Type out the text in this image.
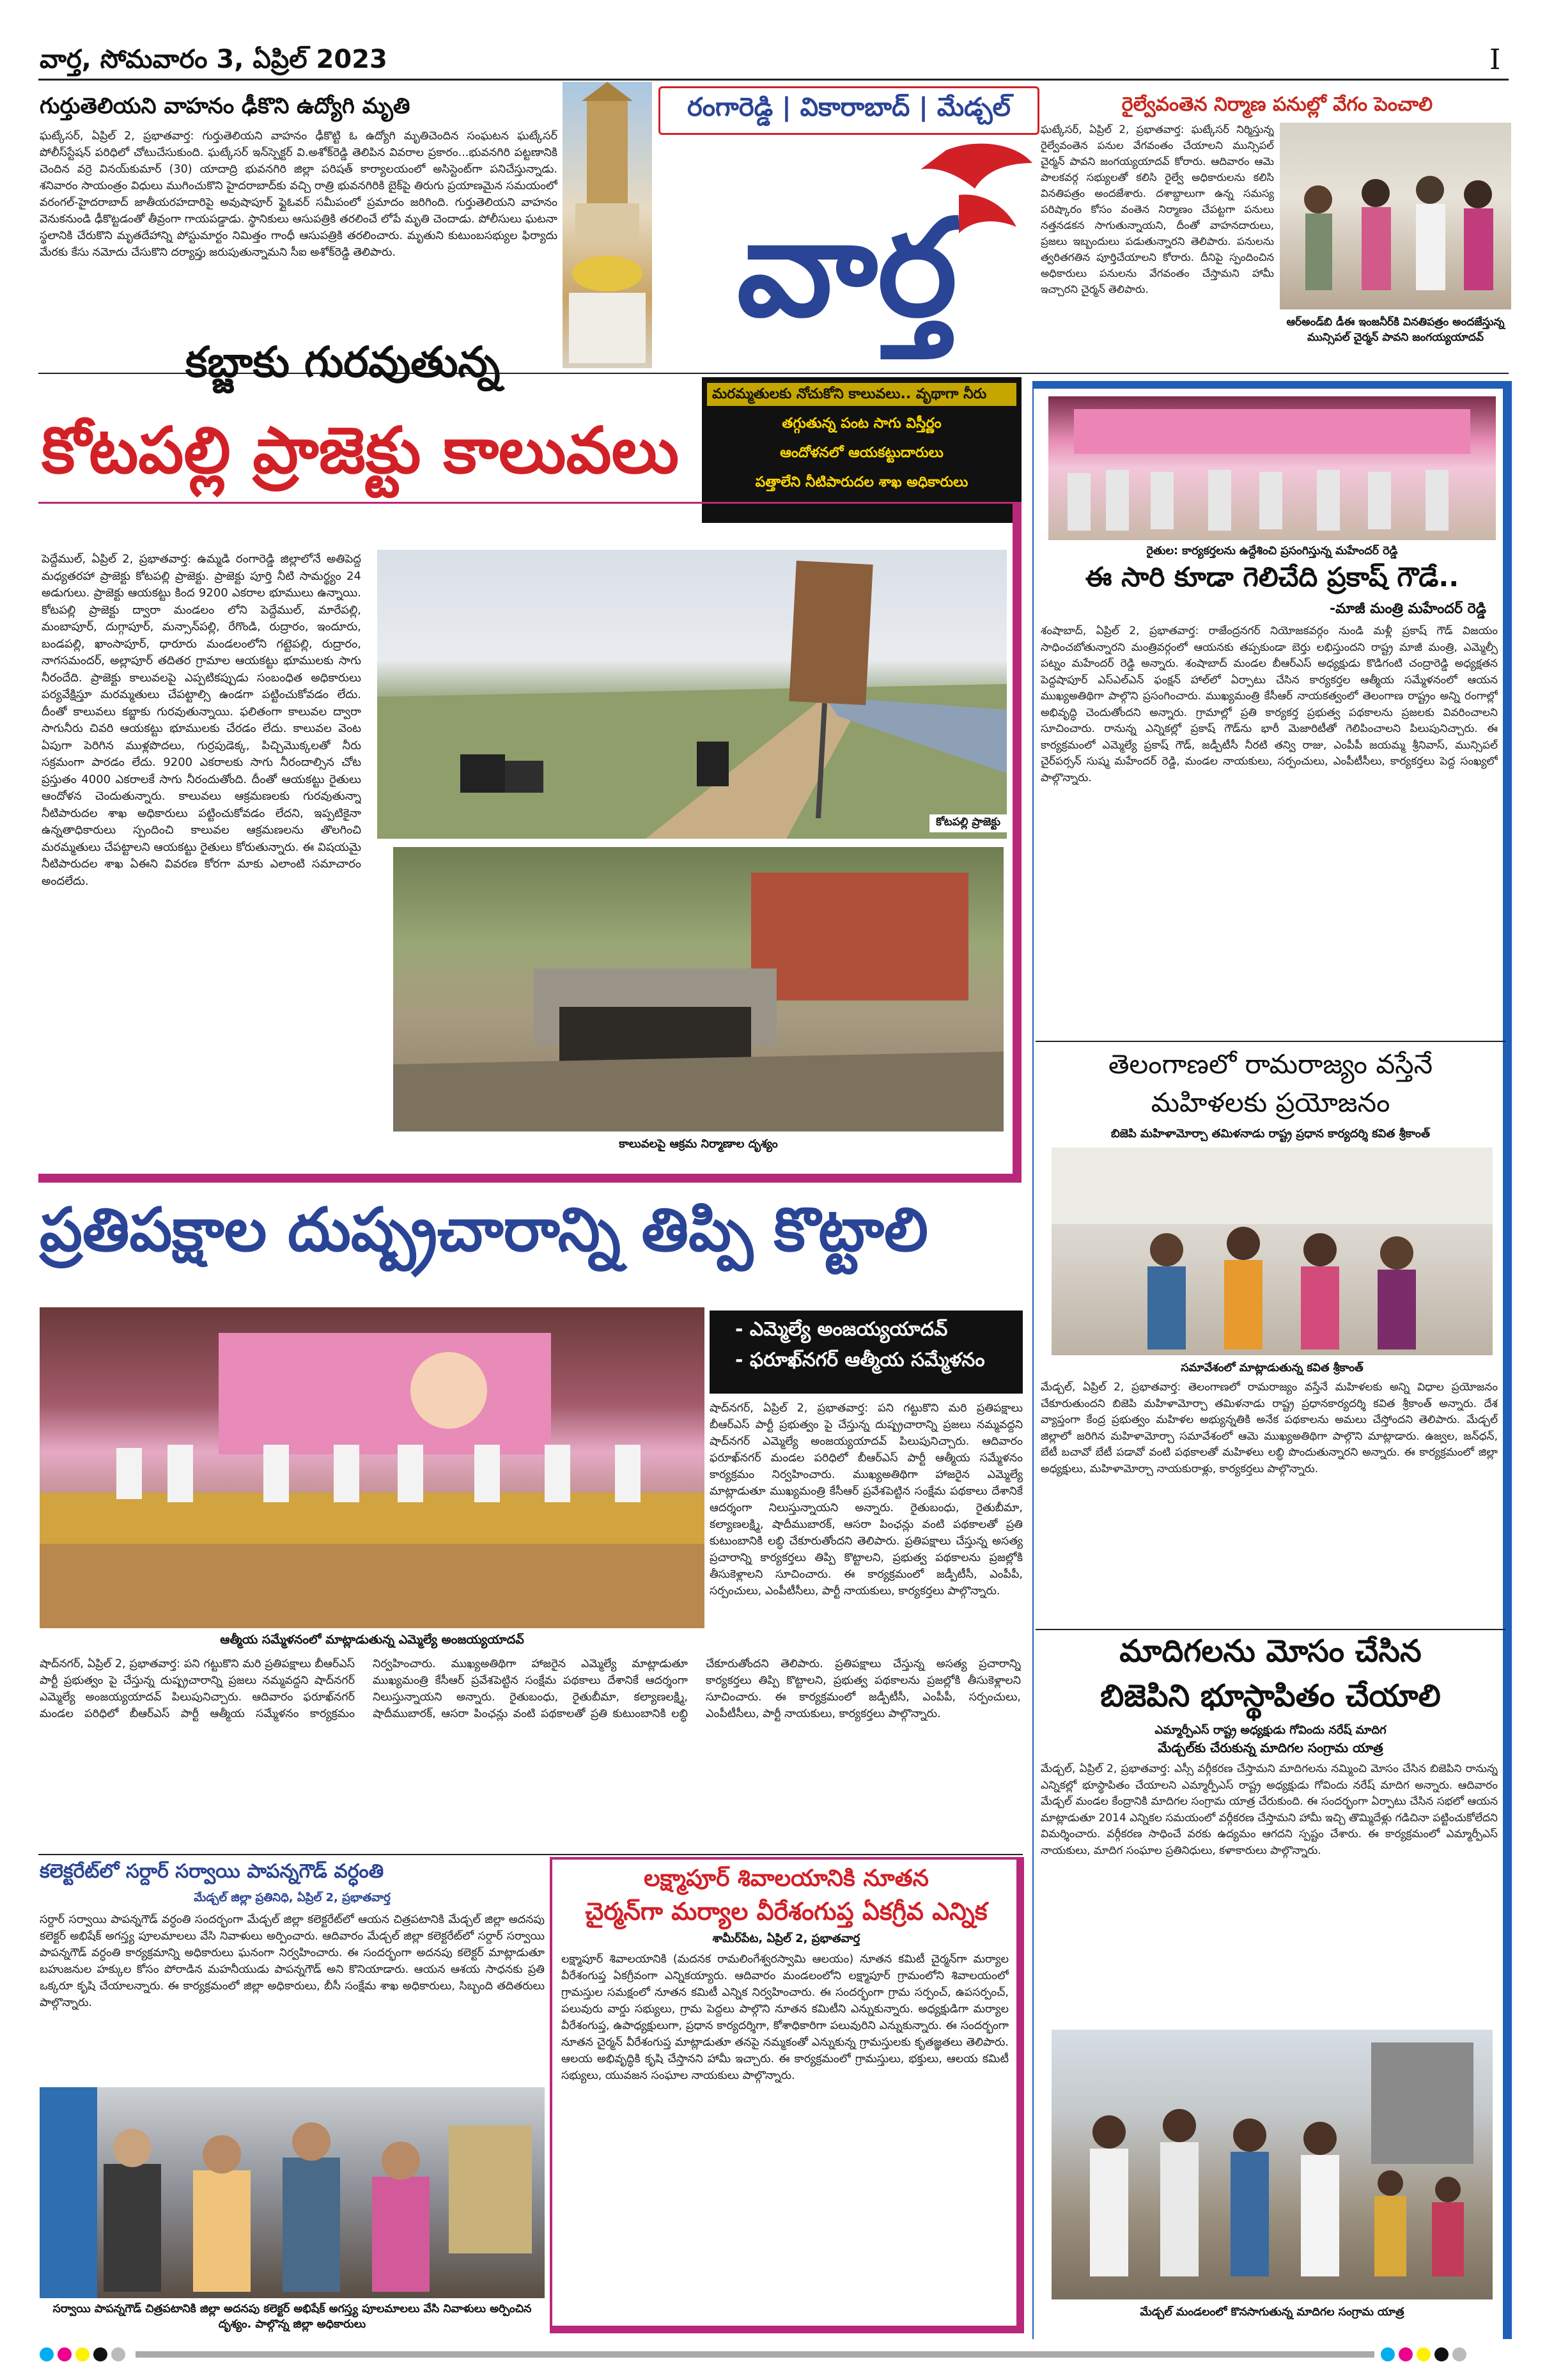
వార్త, సోమవారం 3, ఏప్రిల్ 2023	I
గుర్తుతెలియని వాహనం ఢీకొని ఉద్యోగి మృతి
ఘట్కేసర్, ఏప్రిల్ 2, ప్రభాతవార్త: గుర్తుతెలియని వాహనం ఢీకొట్టి ఓ ఉద్యోగి మృతిచెందిన సంఘటన ఘట్కేసర్ పోలీస్‌స్టేషన్ పరిధిలో చోటుచేసుకుంది. ఘట్కేసర్ ఇన్‌స్పెక్టర్ వి.అశోక్‌రెడ్డి తెలిపిన వివరాల ప్రకారం...భువనగిరి పట్టణానికి చెందిన వర్రె వినయ్‌కుమార్ (30) యాదాద్రి భువనగిరి జిల్లా పరిషత్ కార్యాలయంలో అసిస్టెంట్‌గా పనిచేస్తున్నాడు. శనివారం సాయంత్రం విధులు ముగించుకొని హైదరాబాద్‌కు వచ్చి రాత్రి భువనగిరికి బైక్‌పై తిరుగు ప్రయాణమైన సమయంలో వరంగల్-హైదరాబాద్ జాతీయరహదారిపై అవుషాపూర్ ఫ్లైఓవర్ సమీపంలో ప్రమాదం జరిగింది. గుర్తుతెలియని వాహనం వెనుకనుండి ఢీకొట్టడంతో తీవ్రంగా గాయపడ్డాడు. స్థానికులు ఆసుపత్రికి తరలించే లోపే మృతి చెందాడు. పోలీసులు ఘటనా స్థలానికి చేరుకొని మృతదేహాన్ని పోస్టుమార్టం నిమిత్తం గాంధీ ఆసుపత్రికి తరలించారు. మృతుని కుటుంబసభ్యుల ఫిర్యాదు మేరకు కేసు నమోదు చేసుకొని దర్యాప్తు జరుపుతున్నామని సీఐ అశోక్‌రెడ్డి తెలిపారు.
రంగారెడ్డి | వికారాబాద్ | మేడ్చల్
వార్త
రైల్వేవంతెన నిర్మాణ పనుల్లో వేగం పెంచాలి
ఘట్కేసర్, ఏప్రిల్ 2, ప్రభాతవార్త: ఘట్కేసర్ నిర్మిస్తున్న రైల్వేవంతెన పనుల వేగవంతం చేయాలని మున్సిపల్ చైర్మన్ పావని జంగయ్యయాదవ్ కోరారు. ఆదివారం ఆమె పాలకవర్గ సభ్యులతో కలిసి రైల్వే అధికారులను కలిసి వినతిపత్రం అందజేశారు. దశాబ్దాలుగా ఉన్న సమస్య పరిష్కారం కోసం వంతెన నిర్మాణం చేపట్టగా పనులు నత్తనడకన సాగుతున్నాయని, దీంతో వాహనదారులు, ప్రజలు ఇబ్బందులు పడుతున్నారని తెలిపారు. పనులను త్వరితగతిన పూర్తిచేయాలని కోరారు. దీనిపై స్పందించిన అధికారులు పనులను వేగవంతం చేస్తామని హామీ ఇచ్చారని చైర్మన్ తెలిపారు.
ఆర్‌అండ్‌బి డీఈ ఇంజనీర్‌కి వినతిపత్రం అందజేస్తున్న మున్సిపల్ చైర్మన్ పావని జంగయ్యయాదవ్
కబ్జాకు గురవుతున్న
కోటపల్లి ప్రాజెక్టు కాలువలు
మరమ్మతులకు నోచుకోని కాలువలు.. వృథాగా నీరు
తగ్గుతున్న పంట సాగు విస్తీర్ణం
ఆందోళనలో ఆయకట్టుదారులు
పత్తాలేని నీటిపారుదల శాఖ అధికారులు
పెద్దేముల్, ఏప్రిల్ 2, ప్రభాతవార్త: ఉమ్మడి రంగారెడ్డి జిల్లాలోనే అతిపెద్ద మధ్యతరహా ప్రాజెక్టు కోటపల్లి ప్రాజెక్టు. ప్రాజెక్టు పూర్తి నీటి సామర్థ్యం 24 అడుగులు. ప్రాజెక్టు ఆయకట్టు కింద 9200 ఎకరాల భూములు ఉన్నాయి. కోటపల్లి ప్రాజెక్టు ద్వారా మండలం లోని పెద్దేముల్, మారేపల్లి, మంబాపూర్, దుగ్గాపూర్, మన్సాన్‌పల్లి, రేగొండి, రుద్రారం, ఇందూరు, బండపల్లి, ఖాంసాపూర్, ధారూరు మండలంలోని గట్టెపల్లి, రుద్రారం, నాగసమందర్, అల్లాపూర్ తదితర గ్రామాల ఆయకట్టు భూములకు సాగు నీరందేది. ప్రాజెక్టు కాలువలపై ఎప్పటికప్పుడు సంబంధిత అధికారులు పర్యవేక్షిస్తూ మరమ్మతులు చేపట్టాల్సి ఉండగా పట్టించుకోవడం లేదు. దీంతో కాలువలు కబ్జాకు గురవుతున్నాయి. ఫలితంగా కాలువల ద్వారా సాగునీరు చివరి ఆయకట్టు భూములకు చేరడం లేదు. కాలువల వెంట ఏపుగా పెరిగిన ముళ్లపొదలు, గుర్రపుడెక్క, పిచ్చిమొక్కలతో నీరు సక్రమంగా పారడం లేదు. 9200 ఎకరాలకు సాగు నీరందాల్సిన చోట ప్రస్తుతం 4000 ఎకరాలకే సాగు నీరందుతోంది. దీంతో ఆయకట్టు రైతులు ఆందోళన చెందుతున్నారు. కాలువలు ఆక్రమణలకు గురవుతున్నా నీటిపారుదల శాఖ అధికారులు పట్టించుకోవడం లేదని, ఇప్పటికైనా ఉన్నతాధికారులు స్పందించి కాలువల ఆక్రమణలను తొలగించి మరమ్మతులు చేపట్టాలని ఆయకట్టు రైతులు కోరుతున్నారు. ఈ విషయమై నీటిపారుదల శాఖ ఏఈని వివరణ కోరగా మాకు ఎలాంటి సమాచారం అందలేదు.
కోటపల్లి ప్రాజెక్టు
కాలువలపై ఆక్రమ నిర్మాణాల దృశ్యం
ప్రతిపక్షాల దుష్ప్రచారాన్ని తిప్పి కొట్టాలి
ఆత్మీయ సమ్మేళనంలో మాట్లాడుతున్న ఎమ్మెల్యే అంజయ్యయాదవ్
- ఎమ్మెల్యే అంజయ్యయాదవ్
- ఫరూఖ్‌నగర్ ఆత్మీయ సమ్మేళనం
షాద్‌నగర్, ఏప్రిల్ 2, ప్రభాతవార్త: పని గట్టుకొని మరి ప్రతిపక్షాలు బీఆర్‌ఎస్ పార్టీ ప్రభుత్వం పై చేస్తున్న దుష్ప్రచారాన్ని ప్రజలు నమ్మవద్దని షాద్‌నగర్ ఎమ్మెల్యే అంజయ్యయాదవ్ పిలుపునిచ్చారు. ఆదివారం ఫరూఖ్‌నగర్ మండల పరిధిలో బీఆర్‌ఎస్ పార్టీ ఆత్మీయ సమ్మేళనం కార్యక్రమం నిర్వహించారు. ముఖ్యఅతిథిగా హాజరైన ఎమ్మెల్యే మాట్లాడుతూ ముఖ్యమంత్రి కేసీఆర్ ప్రవేశపెట్టిన సంక్షేమ పథకాలు దేశానికే ఆదర్శంగా నిలుస్తున్నాయని అన్నారు. రైతుబంధు, రైతుబీమా, కల్యాణలక్ష్మి, షాదీముబారక్, ఆసరా పింఛన్లు వంటి పథకాలతో ప్రతి కుటుంబానికి లబ్ధి చేకూరుతోందని తెలిపారు. ప్రతిపక్షాలు చేస్తున్న అసత్య ప్రచారాన్ని కార్యకర్తలు తిప్పి కొట్టాలని, ప్రభుత్వ పథకాలను ప్రజల్లోకి తీసుకెళ్లాలని సూచించారు. ఈ కార్యక్రమంలో జడ్పీటీసీ, ఎంపీపీ, సర్పంచులు, ఎంపీటీసీలు, పార్టీ నాయకులు, కార్యకర్తలు పాల్గొన్నారు.
షాద్‌నగర్, ఏప్రిల్ 2, ప్రభాతవార్త: పని గట్టుకొని మరి ప్రతిపక్షాలు బీఆర్‌ఎస్ పార్టీ ప్రభుత్వం పై చేస్తున్న దుష్ప్రచారాన్ని ప్రజలు నమ్మవద్దని షాద్‌నగర్ ఎమ్మెల్యే అంజయ్యయాదవ్ పిలుపునిచ్చారు. ఆదివారం ఫరూఖ్‌నగర్ మండల పరిధిలో బీఆర్‌ఎస్ పార్టీ ఆత్మీయ సమ్మేళనం కార్యక్రమం నిర్వహించారు. ముఖ్యఅతిథిగా హాజరైన ఎమ్మెల్యే మాట్లాడుతూ ముఖ్యమంత్రి కేసీఆర్ ప్రవేశపెట్టిన సంక్షేమ పథకాలు దేశానికే ఆదర్శంగా నిలుస్తున్నాయని అన్నారు. రైతుబంధు, రైతుబీమా, కల్యాణలక్ష్మి, షాదీముబారక్, ఆసరా పింఛన్లు వంటి పథకాలతో ప్రతి కుటుంబానికి లబ్ధి చేకూరుతోందని తెలిపారు. ప్రతిపక్షాలు చేస్తున్న అసత్య ప్రచారాన్ని కార్యకర్తలు తిప్పి కొట్టాలని, ప్రభుత్వ పథకాలను ప్రజల్లోకి తీసుకెళ్లాలని సూచించారు. ఈ కార్యక్రమంలో జడ్పీటీసీ, ఎంపీపీ, సర్పంచులు, ఎంపీటీసీలు, పార్టీ నాయకులు, కార్యకర్తలు పాల్గొన్నారు.
కలెక్టరేట్‌లో సర్దార్ సర్వాయి పాపన్నగౌడ్ వర్ధంతి
మేడ్చల్ జిల్లా ప్రతినిధి, ఏప్రిల్ 2, ప్రభాతవార్త
సర్దార్ సర్వాయి పాపన్నగౌడ్ వర్ధంతి సందర్భంగా మేడ్చల్ జిల్లా కలెక్టరేట్‌లో ఆయన చిత్రపటానికి మేడ్చల్ జిల్లా అదనపు కలెక్టర్ అభిషేక్ అగస్త్య పూలమాలలు వేసి నివాళులు అర్పించారు. ఆదివారం మేడ్చల్ జిల్లా కలెక్టరేట్‌లో సర్దార్ సర్వాయి పాపన్నగౌడ్ వర్ధంతి కార్యక్రమాన్ని అధికారులు ఘనంగా నిర్వహించారు. ఈ సందర్భంగా అదనపు కలెక్టర్ మాట్లాడుతూ బహుజనుల హక్కుల కోసం పోరాడిన మహనీయుడు పాపన్నగౌడ్ అని కొనియాడారు. ఆయన ఆశయ సాధనకు ప్రతి ఒక్కరూ కృషి చేయాలన్నారు. ఈ కార్యక్రమంలో జిల్లా అధికారులు, బీసీ సంక్షేమ శాఖ అధికారులు, సిబ్బంది తదితరులు పాల్గొన్నారు.
సర్వాయి పాపన్నగౌడ్ చిత్రపటానికి జిల్లా అదనపు కలెక్టర్ అభిషేక్ అగస్త్య పూలమాలలు వేసి నివాళులు అర్పించిన దృశ్యం. పాల్గొన్న జిల్లా అధికారులు
లక్ష్మాపూర్ శివాలయానికి నూతన
చైర్మన్‌గా మర్యాల వీరేశంగుప్త ఏకగ్రీవ ఎన్నిక
శామీర్‌పేట, ఏప్రిల్ 2, ప్రభాతవార్త
లక్ష్మాపూర్ శివాలయానికి (మదనక రామలింగేశ్వరస్వామి ఆలయం) నూతన కమిటీ చైర్మన్‌గా మర్యాల వీరేశంగుప్త ఏకగ్రీవంగా ఎన్నికయ్యారు. ఆదివారం మండలంలోని లక్ష్మాపూర్ గ్రామంలోని శివాలయంలో గ్రామస్తుల సమక్షంలో నూతన కమిటీ ఎన్నిక నిర్వహించారు. ఈ సందర్భంగా గ్రామ సర్పంచ్, ఉపసర్పంచ్, పలువురు వార్డు సభ్యులు, గ్రామ పెద్దలు పాల్గొని నూతన కమిటీని ఎన్నుకున్నారు. అధ్యక్షుడిగా మర్యాల వీరేశంగుప్త, ఉపాధ్యక్షులుగా, ప్రధాన కార్యదర్శిగా, కోశాధికారిగా పలువురిని ఎన్నుకున్నారు. ఈ సందర్భంగా నూతన చైర్మన్ వీరేశంగుప్త మాట్లాడుతూ తనపై నమ్మకంతో ఎన్నుకున్న గ్రామస్తులకు కృతజ్ఞతలు తెలిపారు. ఆలయ అభివృద్ధికి కృషి చేస్తానని హామీ ఇచ్చారు. ఈ కార్యక్రమంలో గ్రామస్తులు, భక్తులు, ఆలయ కమిటీ సభ్యులు, యువజన సంఘాల నాయకులు పాల్గొన్నారు.
రైతుల: కార్యకర్తలను ఉద్దేశించి ప్రసంగిస్తున్న మహేందర్ రెడ్డి
ఈ సారి కూడా గెలిచేది ప్రకాష్ గౌడే..
-మాజీ మంత్రి మహేందర్ రెడ్డి
శంషాబాద్, ఏప్రిల్ 2, ప్రభాతవార్త: రాజేంద్రనగర్ నియోజకవర్గం నుండి మళ్లీ ప్రకాష్ గౌడ్ విజయం సాధించబోతున్నారని మంత్రివర్గంలో ఆయనకు తప్పకుండా బెర్తు లభిస్తుందని రాష్ట్ర మాజీ మంత్రి, ఎమ్మెల్సీ పట్నం మహేందర్ రెడ్డి అన్నారు. శంషాబాద్ మండల బీఆర్‌ఎస్ అధ్యక్షుడు కొడిగంటి చంద్రారెడ్డి అధ్యక్షతన పెద్దషాపూర్ ఎస్‌ఎల్‌ఎన్ ఫంక్షన్ హాల్‌లో ఏర్పాటు చేసిన కార్యకర్తల ఆత్మీయ సమ్మేళనంలో ఆయన ముఖ్యఅతిథిగా పాల్గొని ప్రసంగించారు. ముఖ్యమంత్రి కేసీఆర్ నాయకత్వంలో తెలంగాణ రాష్ట్రం అన్ని రంగాల్లో అభివృద్ధి చెందుతోందని అన్నారు. గ్రామాల్లో ప్రతి కార్యకర్త ప్రభుత్వ పథకాలను ప్రజలకు వివరించాలని సూచించారు. రానున్న ఎన్నికల్లో ప్రకాష్ గౌడ్‌ను భారీ మెజారిటీతో గెలిపించాలని పిలుపునిచ్చారు. ఈ కార్యక్రమంలో ఎమ్మెల్యే ప్రకాష్ గౌడ్, జడ్పీటీసీ నీరటి తన్వి రాజు, ఎంపీపీ జయమ్మ శ్రీనివాస్, మున్సిపల్ చైర్‌పర్సన్ సుష్మ మహేందర్ రెడ్డి, మండల నాయకులు, సర్పంచులు, ఎంపీటీసీలు, కార్యకర్తలు పెద్ద సంఖ్యలో పాల్గొన్నారు.
తెలంగాణలో రామరాజ్యం వస్తేనే
మహిళలకు ప్రయోజనం
బిజెపి మహిళామోర్చా తమిళనాడు రాష్ట్ర ప్రధాన కార్యదర్శి కవిత శ్రీకాంత్
సమావేశంలో మాట్లాడుతున్న కవిత శ్రీకాంత్
మేడ్చల్, ఏప్రిల్ 2, ప్రభాతవార్త: తెలంగాణలో రామరాజ్యం వస్తేనే మహిళలకు అన్ని విధాల ప్రయోజనం చేకూరుతుందని బిజెపి మహిళామోర్చా తమిళనాడు రాష్ట్ర ప్రధానకార్యదర్శి కవిత శ్రీకాంత్ అన్నారు. దేశ వ్యాప్తంగా కేంద్ర ప్రభుత్వం మహిళల అభ్యున్నతికి అనేక పథకాలను అమలు చేస్తోందని తెలిపారు. మేడ్చల్ జిల్లాలో జరిగిన మహిళామోర్చా సమావేశంలో ఆమె ముఖ్యఅతిథిగా పాల్గొని మాట్లాడారు. ఉజ్వల, జన్‌ధన్, బేటీ బచావో బేటీ పడావో వంటి పథకాలతో మహిళలు లబ్ధి పొందుతున్నారని అన్నారు. ఈ కార్యక్రమంలో జిల్లా అధ్యక్షులు, మహిళామోర్చా నాయకురాళ్లు, కార్యకర్తలు పాల్గొన్నారు.
మాదిగలను మోసం చేసిన
బిజెపిని భూస్థాపితం చేయాలి
ఎమ్మార్పీఎస్ రాష్ట్ర అధ్యక్షుడు గోవిందు నరేష్ మాదిగ
మేడ్చల్‌కు చేరుకున్న మాదిగల సంగ్రామ యాత్ర
మేడ్చల్, ఏప్రిల్ 2, ప్రభాతవార్త: ఎస్సీ వర్గీకరణ చేస్తామని మాదిగలను నమ్మించి మోసం చేసిన బిజెపిని రానున్న ఎన్నికల్లో భూస్థాపితం చేయాలని ఎమ్మార్పీఎస్ రాష్ట్ర అధ్యక్షుడు గోవిందు నరేష్ మాదిగ అన్నారు. ఆదివారం మేడ్చల్ మండల కేంద్రానికి మాదిగల సంగ్రామ యాత్ర చేరుకుంది. ఈ సందర్భంగా ఏర్పాటు చేసిన సభలో ఆయన మాట్లాడుతూ 2014 ఎన్నికల సమయంలో వర్గీకరణ చేస్తామని హామీ ఇచ్చి తొమ్మిదేళ్లు గడిచినా పట్టించుకోలేదని విమర్శించారు. వర్గీకరణ సాధించే వరకు ఉద్యమం ఆగదని స్పష్టం చేశారు. ఈ కార్యక్రమంలో ఎమ్మార్పీఎస్ నాయకులు, మాదిగ సంఘాల ప్రతినిధులు, కళాకారులు పాల్గొన్నారు.
మేడ్చల్ మండలంలో కొనసాగుతున్న మాదిగల సంగ్రామ యాత్ర
